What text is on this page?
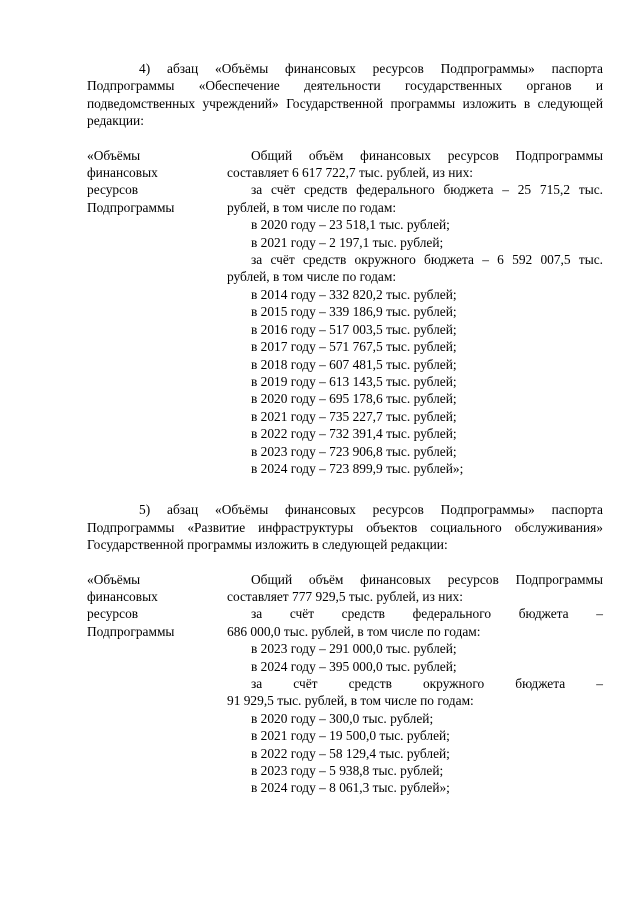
4) абзац «Объёмы финансовых ресурсов Подпрограммы» паспорта Подпрограммы «Обеспечение деятельности государственных органов и подведомственных учреждений» Государственной программы изложить в следующей редакции:

«Объёмы
финансовых
ресурсов
Подпрограммы

Общий объём финансовых ресурсов Подпрограммы составляет 6 617 722,7 тыс. рублей, из них:

за счёт средств федерального бюджета – 25 715,2 тыс. рублей, в том числе по годам:

в 2020 году – 23 518,1 тыс. рублей;
в 2021 году – 2 197,1 тыс. рублей;

за счёт средств окружного бюджета – 6 592 007,5 тыс. рублей, в том числе по годам:

в 2014 году – 332 820,2 тыс. рублей;
в 2015 году – 339 186,9 тыс. рублей;
в 2016 году – 517 003,5 тыс. рублей;
в 2017 году – 571 767,5 тыс. рублей;
в 2018 году – 607 481,5 тыс. рублей;
в 2019 году – 613 143,5 тыс. рублей;
в 2020 году – 695 178,6 тыс. рублей;
в 2021 году – 735 227,7 тыс. рублей;
в 2022 году – 732 391,4 тыс. рублей;
в 2023 году – 723 906,8 тыс. рублей;
в 2024 году – 723 899,9 тыс. рублей»;

5) абзац «Объёмы финансовых ресурсов Подпрограммы» паспорта Подпрограммы «Развитие инфраструктуры объектов социального обслуживания» Государственной программы изложить в следующей редакции:

«Объёмы
финансовых
ресурсов
Подпрограммы

Общий объём финансовых ресурсов Подпрограммы составляет 777 929,5 тыс. рублей, из них:

за счёт средств федерального бюджета –
686 000,0 тыс. рублей, в том числе по годам:
в 2023 году – 291 000,0 тыс. рублей;
в 2024 году – 395 000,0 тыс. рублей;
за счёт средств окружного бюджета –
91 929,5 тыс. рублей, в том числе по годам:
в 2020 году – 300,0 тыс. рублей;
в 2021 году – 19 500,0 тыс. рублей;
в 2022 году – 58 129,4 тыс. рублей;
в 2023 году – 5 938,8 тыс. рублей;
в 2024 году – 8 061,3 тыс. рублей»;
